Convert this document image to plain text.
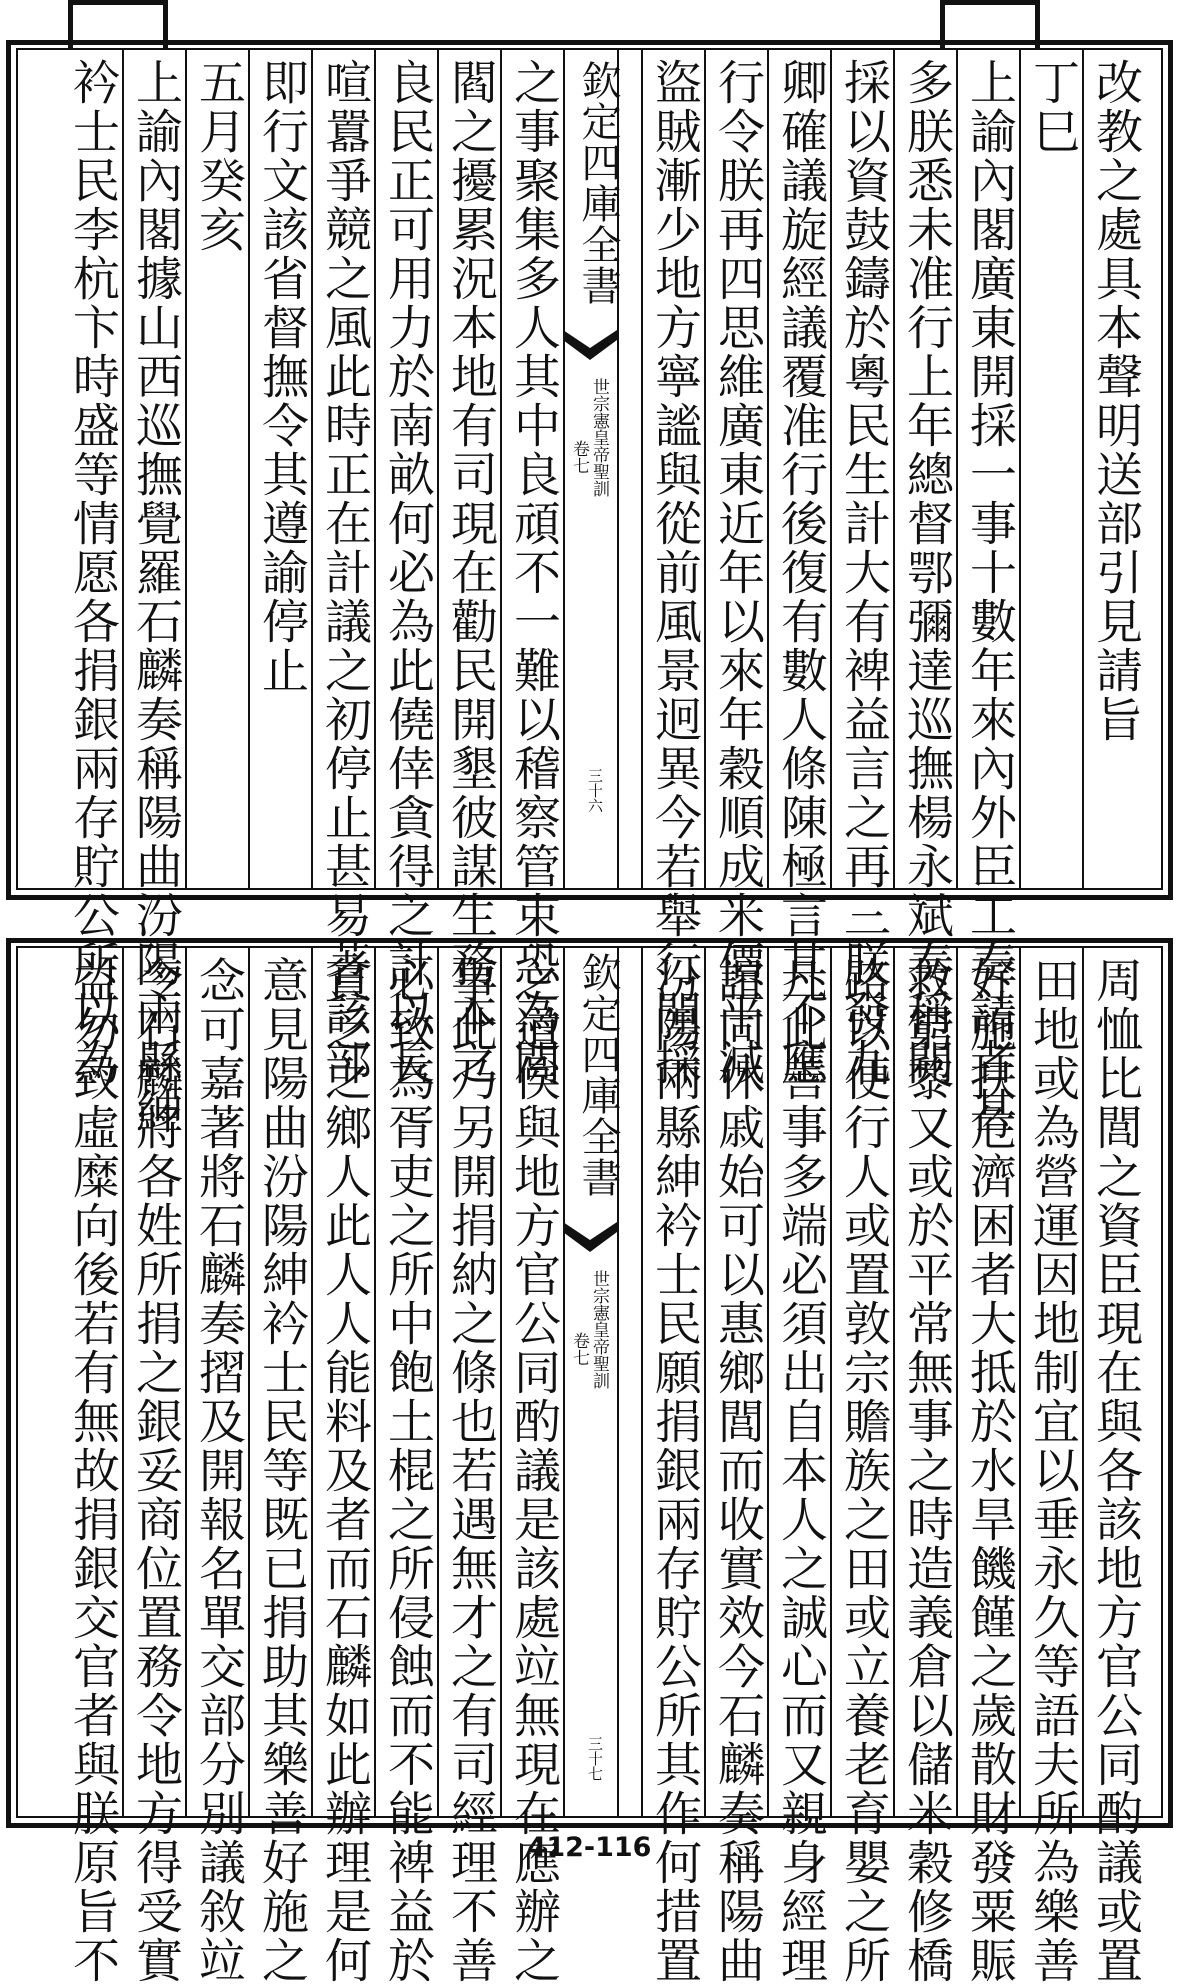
改教之處具本聲明送部引見請旨
丁巳
上諭內閣廣東開採一事十數年來內外臣工奏請者甚
多朕悉未准行上年總督鄂彌達巡撫楊永斌奏稱開
採以資鼓鑄於粵民生計大有裨益言之再三朕發九
卿確議旋經議覆准行後復有數人條陳極言其不應
行令朕再四思維廣東近年以來年穀順成米價平減
盜賊漸少地方寧謐與從前風景迥異今若舉行開採
之事聚集多人其中良頑不一難以稽察管束恐為閭
閻之擾累況本地有司現在勸民開墾彼謀生務本之
良民正可用力於南畝何必為此僥倖貪得之計以長
喧囂爭競之風此時正在計議之初停止甚易著該部
即行文該省督撫令其遵諭停止
五月癸亥
上諭內閣據山西巡撫覺羅石麟奏稱陽曲汾陽兩縣紳
衿士民李杭卞時盛等情愿各捐銀兩存貯公所以為	欽定四庫全書
世宗憲皇帝聖訓
卷七
三十六
周恤比閭之資臣現在與各該地方官公同酌議或置
田地或為營運因地制宜以垂永久等語夫所為樂善
好施扶危濟困者大抵於水旱饑饉之歲散財發粟賑
救窮黎又或於平常無事之時造義倉以儲米穀修橋
路以便行人或置敦宗贍族之田或立養老育嬰之所
凡此善事多端必須出自本人之誠心而又親身經理
誼同休戚始可以惠鄉閭而收實效今石麟奏稱陽曲
汾陽兩縣紳衿士民願捐銀兩存貯公所其作何措置
之道俟與地方官公同酌議是該處竝無現在應辦之
事此乃另開捐納之條也若遇無才之有司經理不善
必致為胥吏之所中飽土棍之所侵蝕而不能裨益於
貧乏之鄉人此人人能料及者而石麟如此辦理是何
意見陽曲汾陽紳衿士民等既已捐助其樂善好施之
念可嘉著將石麟奏摺及開報名單交部分別議敘竝
令石麟將各姓所捐之銀妥商位置務令地方得受實
益勿致虛糜向後若有無故捐銀交官者與朕原旨不	欽定四庫全書
世宗憲皇帝聖訓
卷七
三十七
412-116
